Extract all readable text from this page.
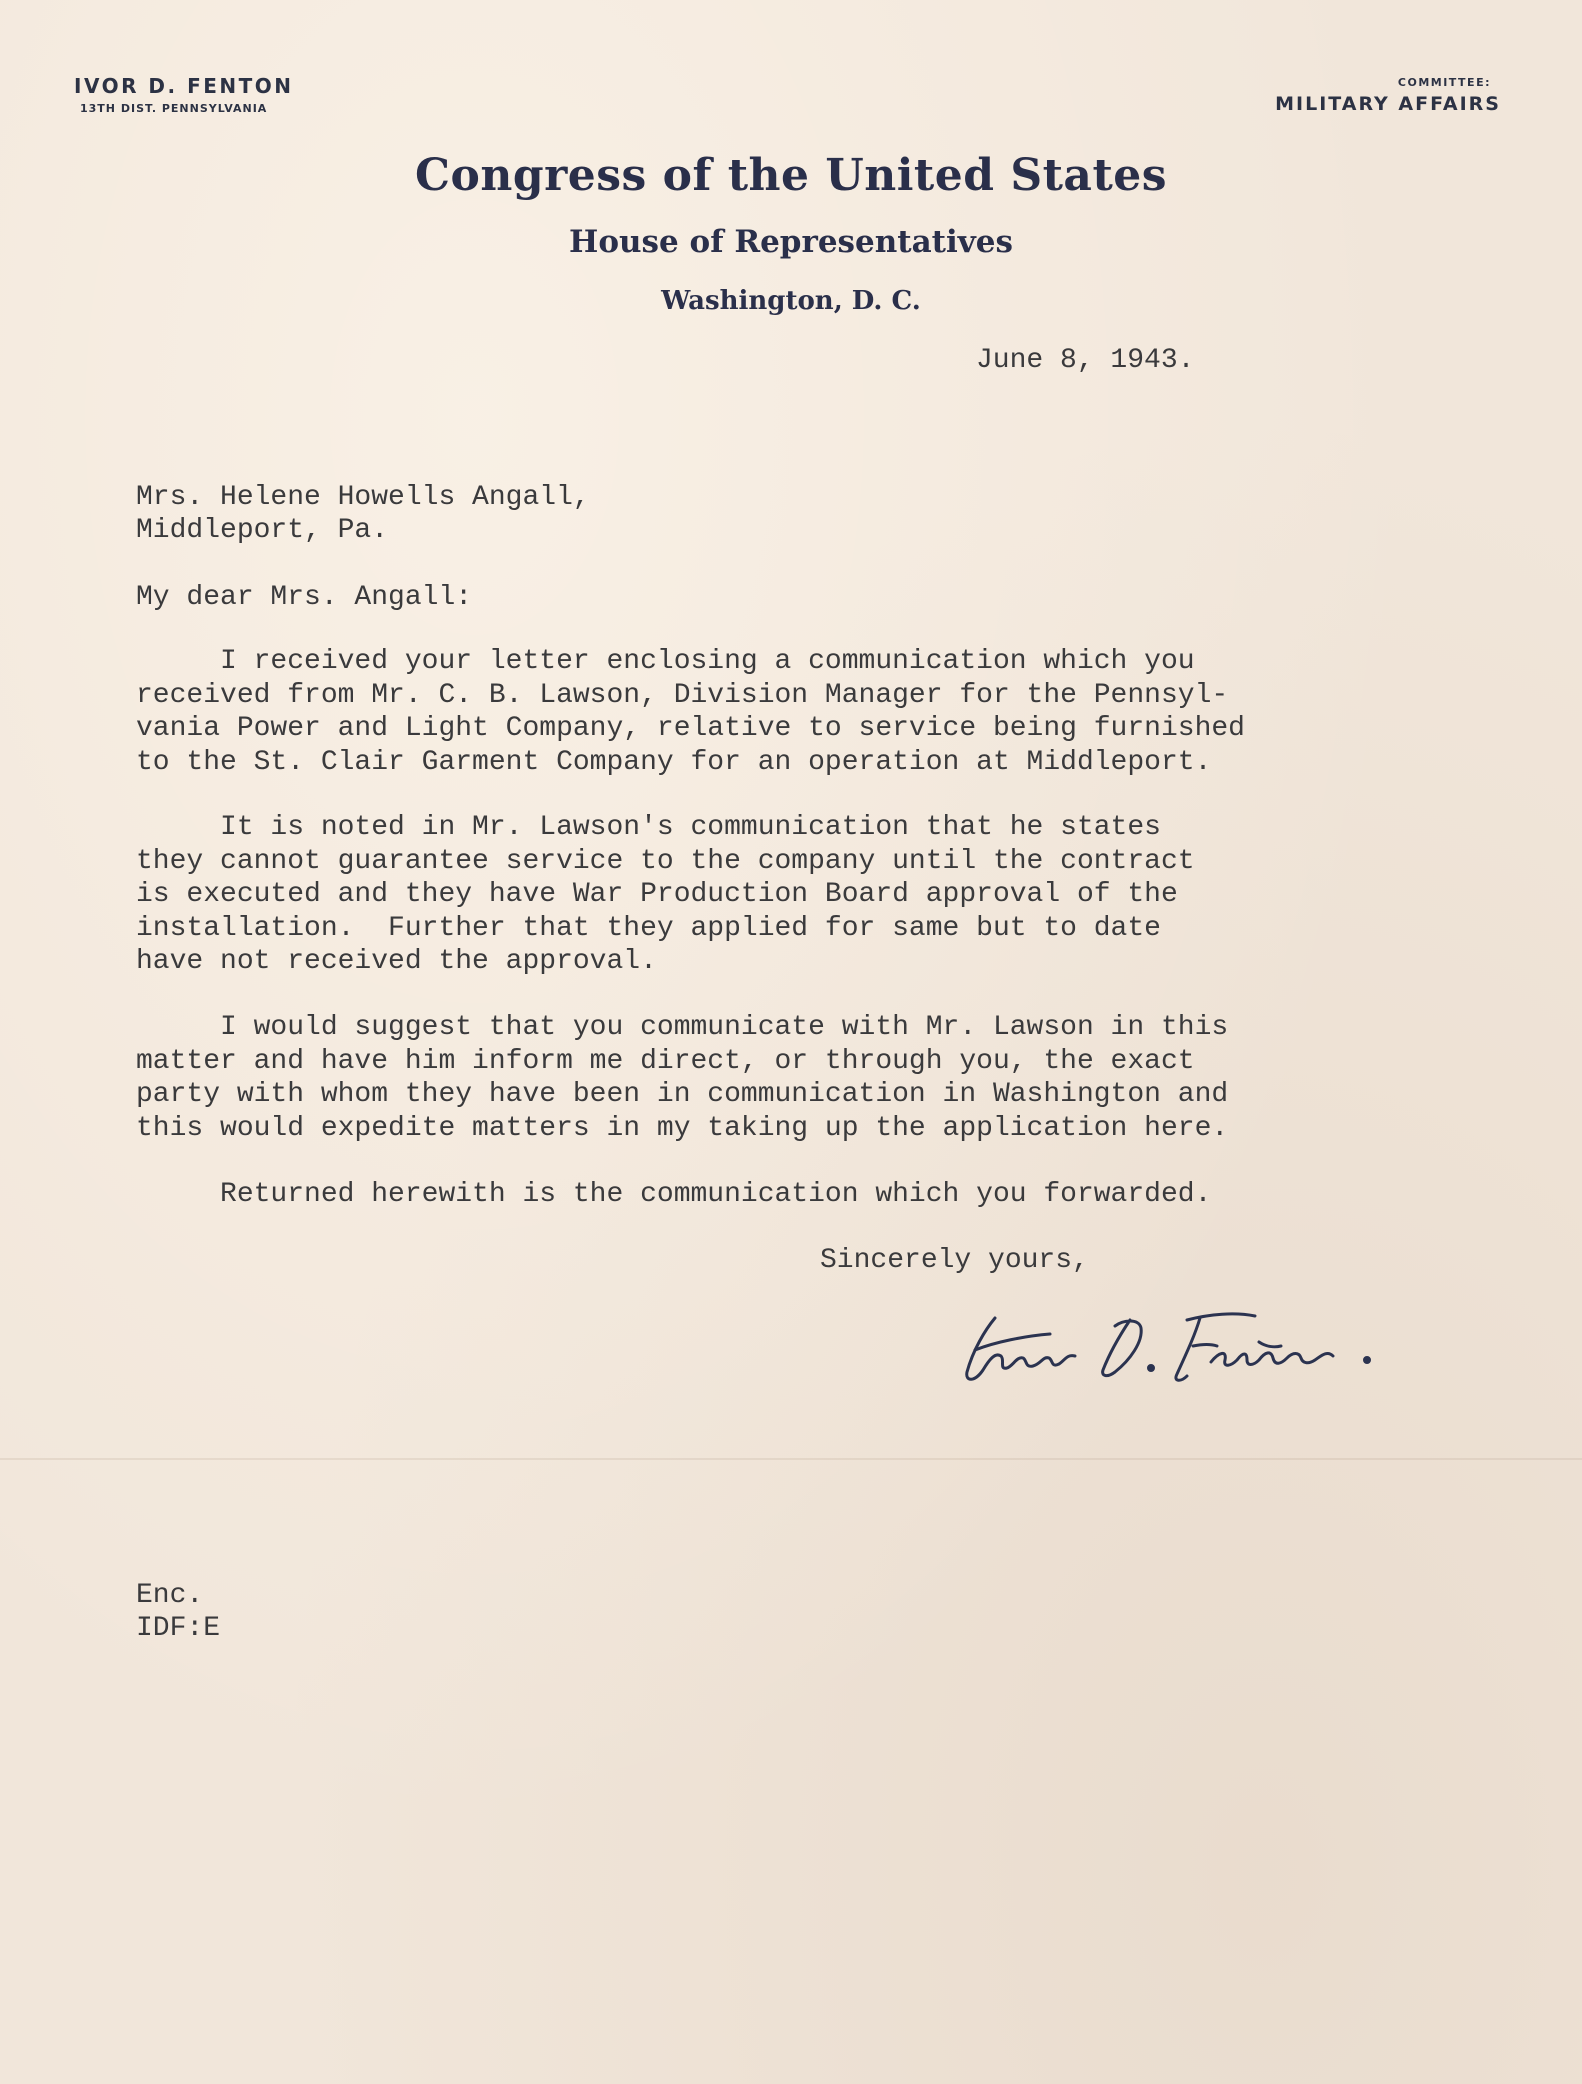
IVOR D. FENTON
13TH DIST. PENNSYLVANIA
COMMITTEE:
MILITARY AFFAIRS
Congress of the United States
House of Representatives
Washington, D. C.
June 8, 1943.
Mrs. Helene Howells Angall,
Middleport, Pa.
My dear Mrs. Angall:
I received your letter enclosing a communication which you
received from Mr. C. B. Lawson, Division Manager for the Pennsyl-
vania Power and Light Company, relative to service being furnished
to the St. Clair Garment Company for an operation at Middleport.
It is noted in Mr. Lawson's communication that he states
they cannot guarantee service to the company until the contract
is executed and they have War Production Board approval of the
installation.  Further that they applied for same but to date
have not received the approval.
I would suggest that you communicate with Mr. Lawson in this
matter and have him inform me direct, or through you, the exact
party with whom they have been in communication in Washington and
this would expedite matters in my taking up the application here.
Returned herewith is the communication which you forwarded.
Sincerely yours,
Enc.
IDF:E
